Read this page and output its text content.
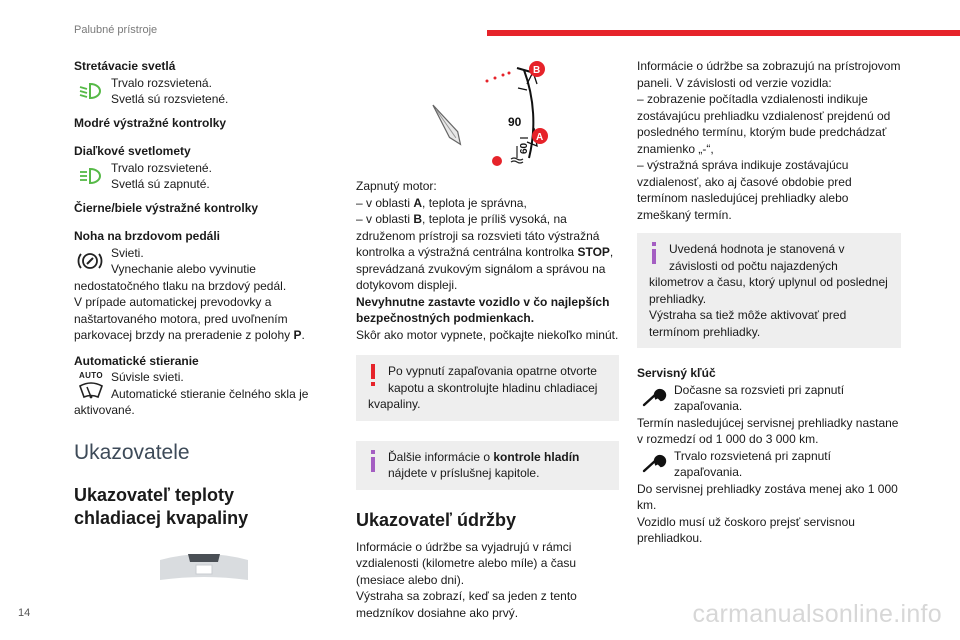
Palubné prístroje

Stretávacie svetlá

Trvalo rozsvietená.

Svetlá sú rozsvietené.

Modré výstražné kontrolky

Diaľkové svetlomety

Trvalo rozsvietené.

Svetlá sú zapnuté.

Čierne/biele výstražné kontrolky

Noha na brzdovom pedáli

Svieti.

Vynechanie alebo vyvinutie

nedostatočného tlaku na brzdový pedál.

V prípade automatickej prevodovky a naštartovaného motora, pred uvoľnením parkovacej brzdy na preradenie z polohy P.

Automatické stieranie

AUTO Súvisle svieti.

Automatické stieranie čelného skla je

aktivované.

Ukazovatele

Ukazovateľ teploty chladiacej kvapaliny

90
60
B
A

Zapnutý motor:

– v oblasti A, teplota je správna,

– v oblasti B, teplota je príliš vysoká, na združenom prístroji sa rozsvieti táto výstražná kontrolka a výstražná centrálna kontrolka STOP, sprevádzaná zvukovým signálom a správou na dotykovom displeji.

Nevyhnutne zastavte vozidlo v čo najlepších bezpečnostných podmienkach.

Skôr ako motor vypnete, počkajte niekoľko minút.

Po vypnutí zapaľovania opatrne otvorte kapotu a skontrolujte hladinu chladiacej

kvapaliny.

Ďalšie informácie o kontrole hladín nájdete v príslušnej kapitole.

Ukazovateľ údržby

Informácie o údržbe sa vyjadrujú v rámci vzdialenosti (kilometre alebo míle) a času (mesiace alebo dni).

Výstraha sa zobrazí, keď sa jeden z tento medzníkov dosiahne ako prvý.

Informácie o údržbe sa zobrazujú na prístrojovom paneli. V závislosti od verzie vozidla:

– zobrazenie počítadla vzdialenosti indikuje zostávajúcu prehliadku vzdialenosť prejdenú od posledného termínu, ktorým bude predchádzať znamienko „-“,

– výstražná správa indikuje zostávajúcu vzdialenosť, ako aj časové obdobie pred termínom nasledujúcej prehliadky alebo zmeškaný termín.

Uvedená hodnota je stanovená v závislosti od počtu najazdených

kilometrov a času, ktorý uplynul od poslednej prehliadky.

Výstraha sa tiež môže aktivovať pred termínom prehliadky.

Servisný kľúč

Dočasne sa rozsvieti pri zapnutí

zapaľovania.

Termín nasledujúcej servisnej prehliadky nastane v rozmedzí od 1 000 do 3 000 km.

Trvalo rozsvietená pri zapnutí

zapaľovania.

Do servisnej prehliadky zostáva menej ako 1 000 km.

Vozidlo musí už čoskoro prejsť servisnou prehliadkou.

14	carmanualsonline.info
